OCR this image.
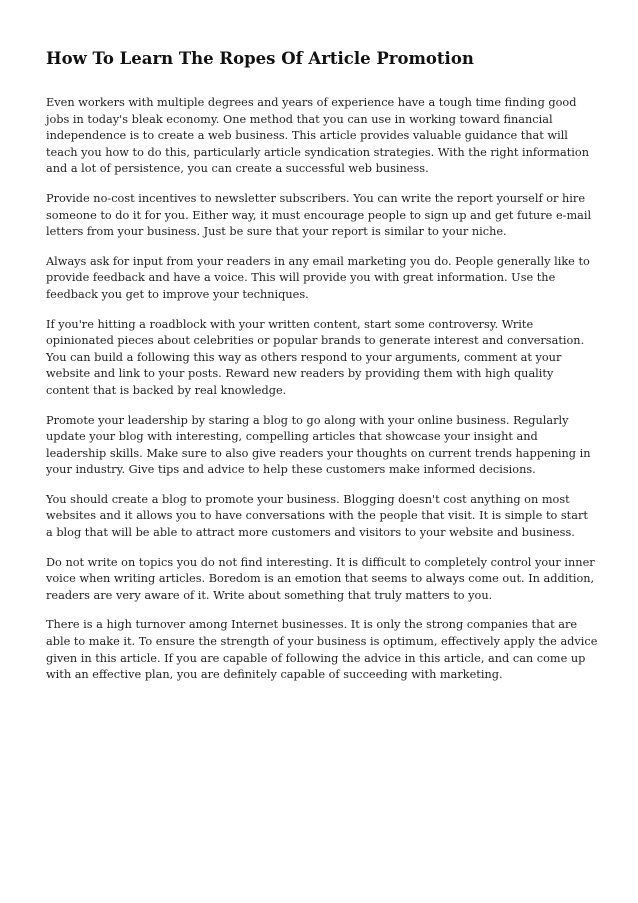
How To Learn The Ropes Of Article Promotion

Even workers with multiple degrees and years of experience have a tough time finding good jobs in today's bleak economy. One method that you can use in working toward financial independence is to create a web business. This article provides valuable guidance that will teach you how to do this, particularly article syndication strategies. With the right information and a lot of persistence, you can create a successful web business.

Provide no-cost incentives to newsletter subscribers. You can write the report yourself or hire someone to do it for you. Either way, it must encourage people to sign up and get future e-mail letters from your business. Just be sure that your report is similar to your niche.

Always ask for input from your readers in any email marketing you do. People generally like to provide feedback and have a voice. This will provide you with great information. Use the feedback you get to improve your techniques.

If you're hitting a roadblock with your written content, start some controversy. Write opinionated pieces about celebrities or popular brands to generate interest and conversation. You can build a following this way as others respond to your arguments, comment at your website and link to your posts. Reward new readers by providing them with high quality content that is backed by real knowledge.

Promote your leadership by staring a blog to go along with your online business. Regularly update your blog with interesting, compelling articles that showcase your insight and leadership skills. Make sure to also give readers your thoughts on current trends happening in your industry. Give tips and advice to help these customers make informed decisions.

You should create a blog to promote your business. Blogging doesn't cost anything on most websites and it allows you to have conversations with the people that visit. It is simple to start a blog that will be able to attract more customers and visitors to your website and business.

Do not write on topics you do not find interesting. It is difficult to completely control your inner voice when writing articles. Boredom is an emotion that seems to always come out. In addition, readers are very aware of it. Write about something that truly matters to you.

There is a high turnover among Internet businesses. It is only the strong companies that are able to make it. To ensure the strength of your business is optimum, effectively apply the advice given in this article. If you are capable of following the advice in this article, and can come up with an effective plan, you are definitely capable of succeeding with marketing.
